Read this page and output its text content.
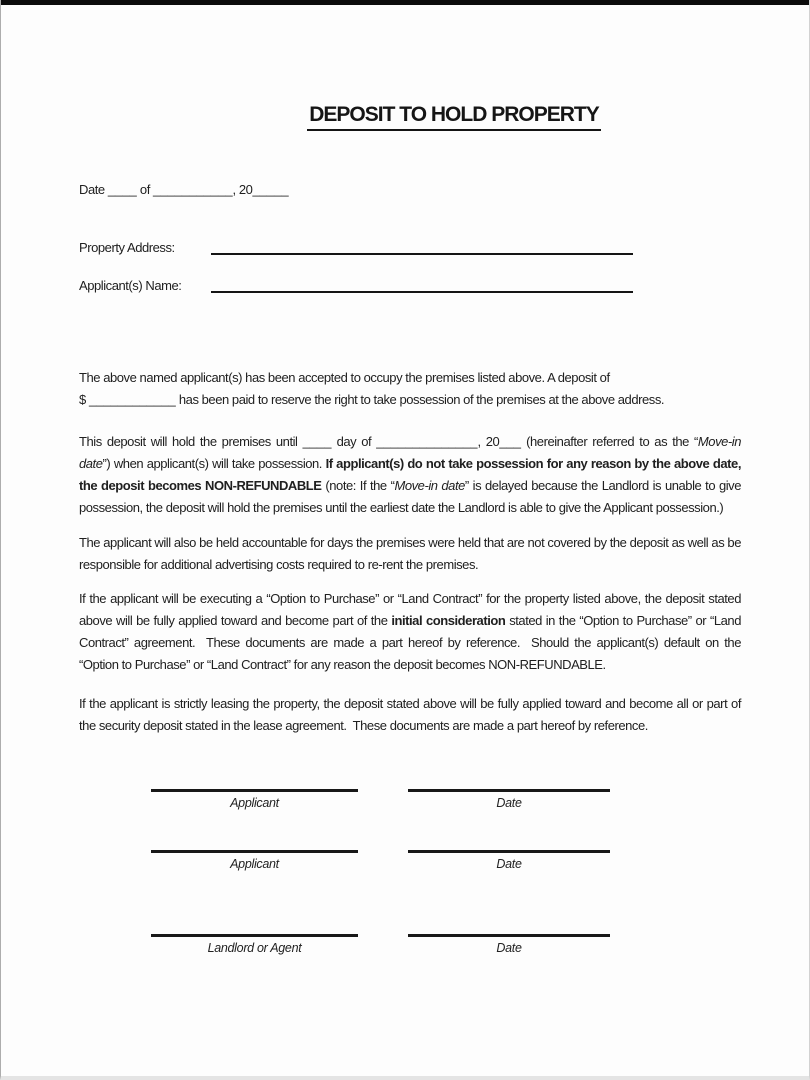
DEPOSIT TO HOLD PROPERTY
Date ____ of ___________, 20_____
Property Address:
Applicant(s) Name:
The above named applicant(s) has been accepted to occupy the premises listed above. A deposit of
$ ____________ has been paid to reserve the right to take possession of the premises at the above address.
This deposit will hold the premises until ____ day of ______________, 20___ (hereinafter referred to as the “Move-in date”) when applicant(s) will take possession. If applicant(s) do not take possession for any reason by the above date, the deposit becomes NON-REFUNDABLE (note: If the “Move-in date” is delayed because the Landlord is unable to give possession, the deposit will hold the premises until the earliest date the Landlord is able to give the Applicant possession.)
The applicant will also be held accountable for days the premises were held that are not covered by the deposit as well as be responsible for additional advertising costs required to re-rent the premises.
If the applicant will be executing a “Option to Purchase” or “Land Contract” for the property listed above, the deposit stated above will be fully applied toward and become part of the initial consideration stated in the “Option to Purchase” or “Land Contract” agreement.  These documents are made a part hereof by reference.  Should the applicant(s) default on the “Option to Purchase” or “Land Contract” for any reason the deposit becomes NON-REFUNDABLE.
If the applicant is strictly leasing the property, the deposit stated above will be fully applied toward and become all or part of the security deposit stated in the lease agreement.  These documents are made a part hereof by reference.
Applicant	Date
Applicant	Date
Landlord or Agent	Date
